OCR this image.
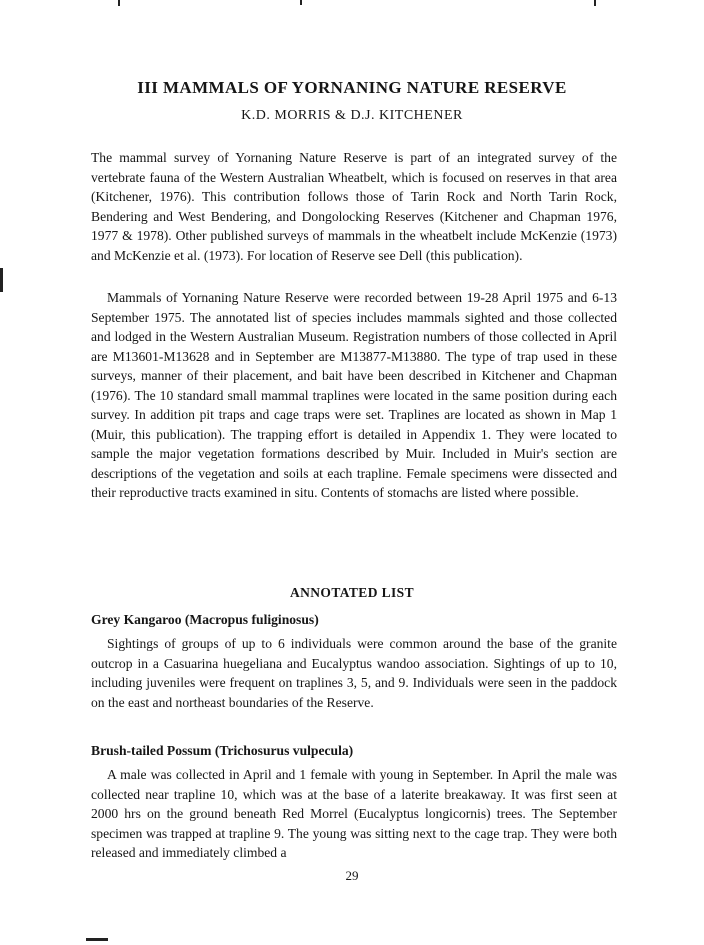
III MAMMALS OF YORNANING NATURE RESERVE

K.D. MORRIS & D.J. KITCHENER

The mammal survey of Yornaning Nature Reserve is part of an integrated survey of the vertebrate fauna of the Western Australian Wheatbelt, which is focused on reserves in that area (Kitchener, 1976). This contribution follows those of Tarin Rock and North Tarin Rock, Bendering and West Bendering, and Dongolocking Reserves (Kitchener and Chapman 1976, 1977 & 1978). Other published surveys of mammals in the wheatbelt include McKenzie (1973) and McKenzie et al. (1973). For location of Reserve see Dell (this publication).

Mammals of Yornaning Nature Reserve were recorded between 19-28 April 1975 and 6-13 September 1975. The annotated list of species includes mammals sighted and those collected and lodged in the Western Australian Museum. Registration numbers of those collected in April are M13601-M13628 and in September are M13877-M13880. The type of trap used in these surveys, manner of their placement, and bait have been described in Kitchener and Chapman (1976). The 10 standard small mammal traplines were located in the same position during each survey. In addition pit traps and cage traps were set. Traplines are located as shown in Map 1 (Muir, this publication). The trapping effort is detailed in Appendix 1. They were located to sample the major vegetation formations described by Muir. Included in Muir's section are descriptions of the vegetation and soils at each trapline. Female specimens were dissected and their reproductive tracts examined in situ. Contents of stomachs are listed where possible.

ANNOTATED LIST

Grey Kangaroo (Macropus fuliginosus)

Sightings of groups of up to 6 individuals were common around the base of the granite outcrop in a Casuarina huegeliana and Eucalyptus wandoo association. Sightings of up to 10, including juveniles were frequent on traplines 3, 5, and 9. Individuals were seen in the paddock on the east and northeast boundaries of the Reserve.

Brush-tailed Possum (Trichosurus vulpecula)

A male was collected in April and 1 female with young in September. In April the male was collected near trapline 10, which was at the base of a laterite breakaway. It was first seen at 2000 hrs on the ground beneath Red Morrel (Eucalyptus longicornis) trees. The September specimen was trapped at trapline 9. The young was sitting next to the cage trap. They were both released and immediately climbed a

29
